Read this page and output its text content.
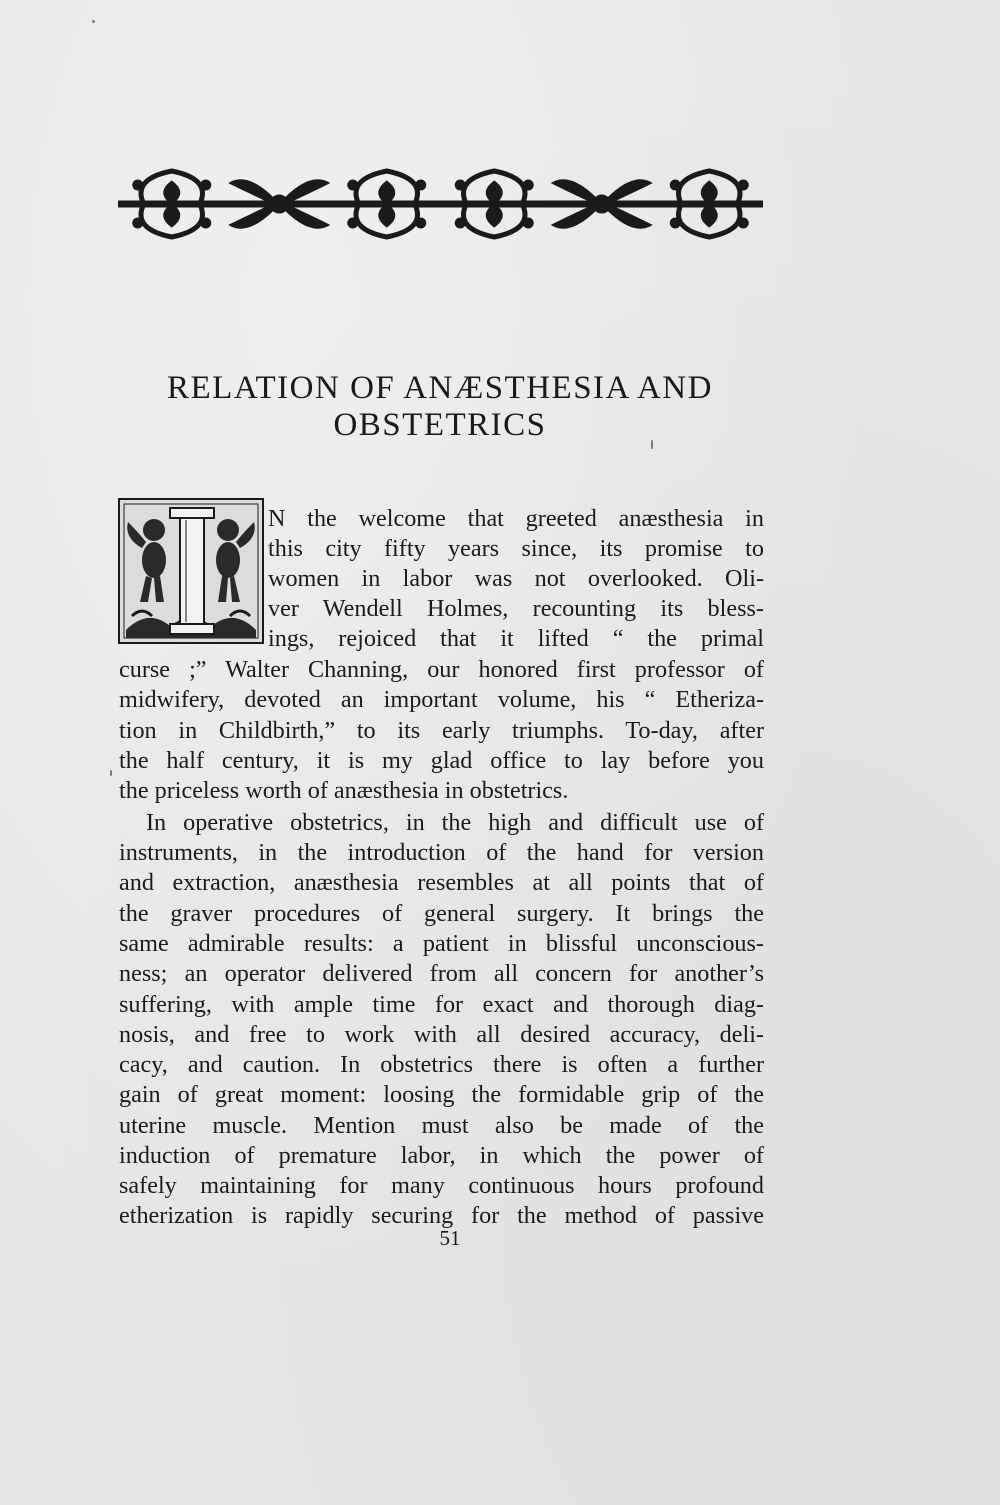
RELATION OF ANÆSTHESIA AND
OBSTETRICS
N the welcome that greeted anæsthesia in
this city fifty years since, its promise to
women in labor was not overlooked. Oli-
ver Wendell Holmes, recounting its bless-
ings, rejoiced that it lifted “ the primal
curse ;” Walter Channing, our honored first professor of
midwifery, devoted an important volume, his “ Etheriza-
tion in Childbirth,” to its early triumphs. To-day, after
the half century, it is my glad office to lay before you
the priceless worth of anæsthesia in obstetrics.
In operative obstetrics, in the high and difficult use of
instruments, in the introduction of the hand for version
and extraction, anæsthesia resembles at all points that of
the graver procedures of general surgery. It brings the
same admirable results: a patient in blissful unconscious-
ness; an operator delivered from all concern for another’s
suffering, with ample time for exact and thorough diag-
nosis, and free to work with all desired accuracy, deli-
cacy, and caution. In obstetrics there is often a further
gain of great moment: loosing the formidable grip of the
uterine muscle. Mention must also be made of the
induction of premature labor, in which the power of
safely maintaining for many continuous hours profound
etherization is rapidly securing for the method of passive
51
